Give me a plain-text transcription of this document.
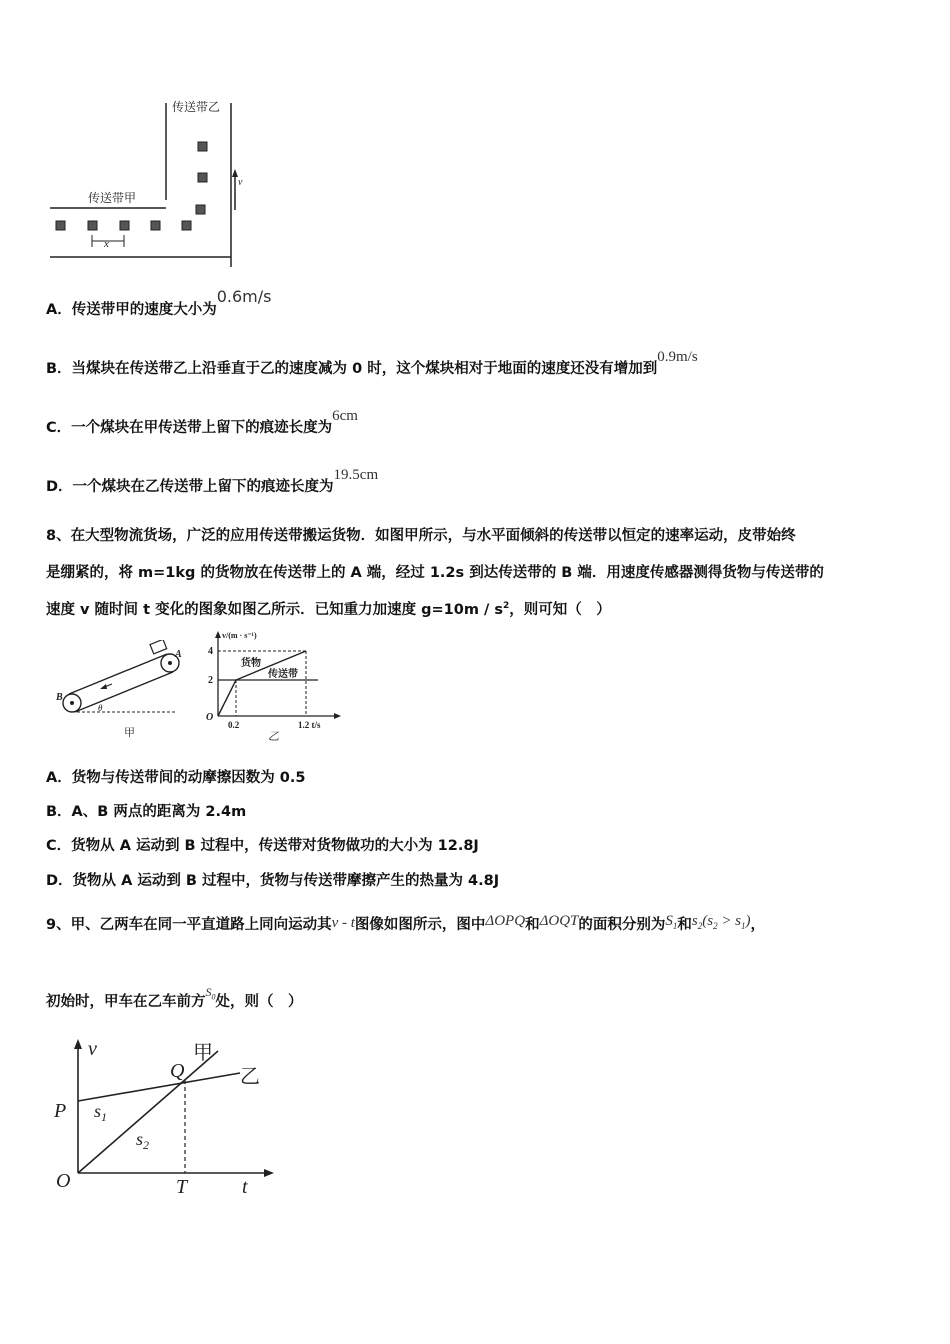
传送带乙
传送带甲
x
v
A．传送带甲的速度大小为0.6m/s
B．当煤块在传送带乙上沿垂直于乙的速度减为 0 时，这个煤块相对于地面的速度还没有增加到0.9m/s
C．一个煤块在甲传送带上留下的痕迹长度为6cm
D．一个煤块在乙传送带上留下的痕迹长度为19.5cm
8、在大型物流货场，广泛的应用传送带搬运货物．如图甲所示，与水平面倾斜的传送带以恒定的速率运动，皮带始终
是绷紧的，将 m=1kg 的货物放在传送带上的 A 端，经过 1.2s 到达传送带的 B 端．用速度传感器测得货物与传送带的
速度 v 随时间 t 变化的图象如图乙所示．已知重力加速度 $g=10m / s^2$，则可知（　）
A
B
θ
甲
v/(m · s⁻¹)
4
2
O
0.2	1.2 t/s
货物
传送带
乙
A．货物与传送带间的动摩擦因数为 0.5
B．A、B 两点的距离为 2.4m
C．货物从 A 运动到 B 过程中，传送带对货物做功的大小为 12.8J
D．货物从 A 运动到 B 过程中，货物与传送带摩擦产生的热量为 4.8J
9、甲、乙两车在同一平直道路上同向运动其v - t图像如图所示，图中ΔOPQ和ΔOQT的面积分别为$S_1$和$s_2(s_2 > s_1)$，
初始时，甲车在乙车前方$^{S_0}$处，则（　）
v
t
O
P
Q
T
甲
乙
$s_1$
$s_2$
